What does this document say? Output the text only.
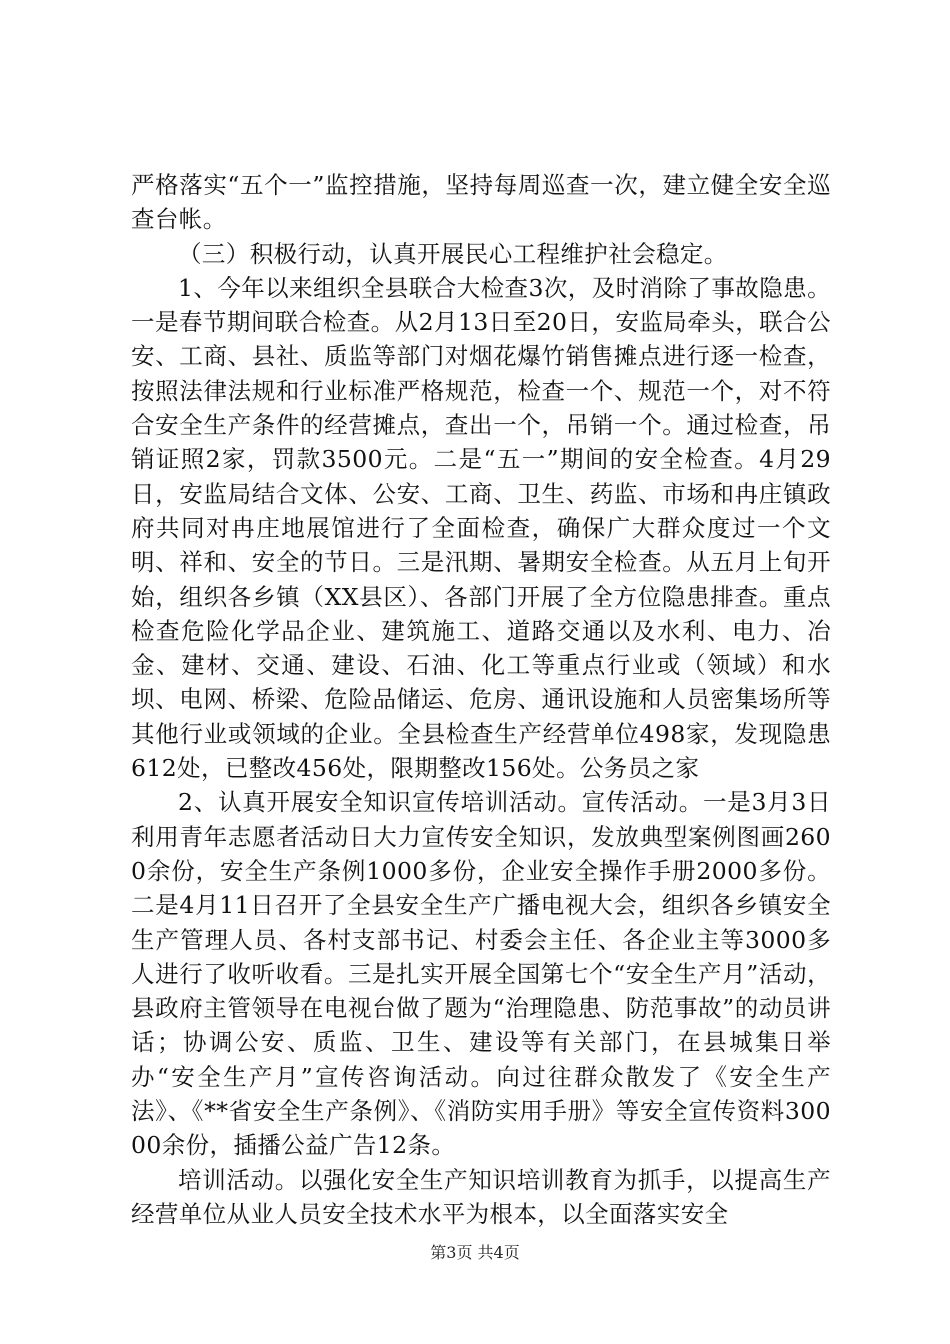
严格落实“五个一”监控措施，坚持每周巡查一次，建立健全安全巡查台帐。

（三）积极行动，认真开展民心工程维护社会稳定。

1、今年以来组织全县联合大检查3次，及时消除了事故隐患。一是春节期间联合检查。从2月13日至20日，安监局牵头，联合公安、工商、县社、质监等部门对烟花爆竹销售摊点进行逐一检查，按照法律法规和行业标准严格规范，检查一个、规范一个，对不符合安全生产条件的经营摊点，查出一个，吊销一个。通过检查，吊销证照2家，罚款3500元。二是“五一”期间的安全检查。4月29日，安监局结合文体、公安、工商、卫生、药监、市场和冉庄镇政府共同对冉庄地展馆进行了全面检查，确保广大群众度过一个文明、祥和、安全的节日。三是汛期、暑期安全检查。从五月上旬开始，组织各乡镇（XX县区）、各部门开展了全方位隐患排查。重点检查危险化学品企业、建筑施工、道路交通以及水利、电力、冶金、建材、交通、建设、石油、化工等重点行业或（领域）和水坝、电网、桥梁、危险品储运、危房、通讯设施和人员密集场所等其他行业或领域的企业。全县检查生产经营单位498家，发现隐患612处，已整改456处，限期整改156处。公务员之家

2、认真开展安全知识宣传培训活动。宣传活动。一是3月3日利用青年志愿者活动日大力宣传安全知识，发放典型案例图画2600余份，安全生产条例1000多份，企业安全操作手册2000多份。二是4月11日召开了全县安全生产广播电视大会，组织各乡镇安全生产管理人员、各村支部书记、村委会主任、各企业主等3000多人进行了收听收看。三是扎实开展全国第七个“安全生产月”活动，县政府主管领导在电视台做了题为“治理隐患、防范事故”的动员讲话；协调公安、质监、卫生、建设等有关部门，在县城集日举办“安全生产月”宣传咨询活动。向过往群众散发了《安全生产法》、《**省安全生产条例》、《消防实用手册》等安全宣传资料30000余份，插播公益广告12条。

培训活动。以强化安全生产知识培训教育为抓手，以提高生产经营单位从业人员安全技术水平为根本，以全面落实安全

第3页 共4页
